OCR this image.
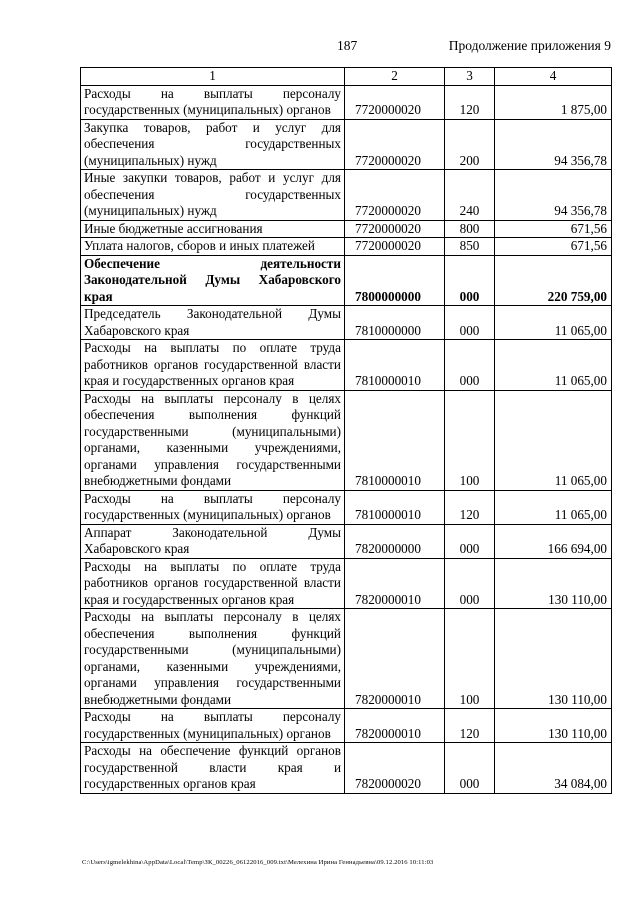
187	Продолжение приложения 9
1	2	3	4
Расходы на выплаты персоналу государственных (муниципальных) органов	7720000020	120	1 875,00
Закупка товаров, работ и услуг для обеспечения государственных (муниципальных) нужд	7720000020	200	94 356,78
Иные закупки товаров, работ и услуг для обеспечения государственных (муниципальных) нужд	7720000020	240	94 356,78
Иные бюджетные ассигнования	7720000020	800	671,56
Уплата налогов, сборов и иных платежей	7720000020	850	671,56
Обеспечение деятельности Законодательной Думы Хабаровского края	7800000000	000	220 759,00
Председатель Законодательной Думы Хабаровского края	7810000000	000	11 065,00
Расходы на выплаты по оплате труда работников органов государственной власти края и государственных органов края	7810000010	000	11 065,00
Расходы на выплаты персоналу в целях обеспечения выполнения функций государственными (муниципальными) органами, казенными учреждениями, органами управления государственными внебюджетными фондами	7810000010	100	11 065,00
Расходы на выплаты персоналу государственных (муниципальных) органов	7810000010	120	11 065,00
Аппарат Законодательной Думы Хабаровского края	7820000000	000	166 694,00
Расходы на выплаты по оплате труда работников органов государственной власти края и государственных органов края	7820000010	000	130 110,00
Расходы на выплаты персоналу в целях обеспечения выполнения функций государственными (муниципальными) органами, казенными учреждениями, органами управления государственными внебюджетными фондами	7820000010	100	130 110,00
Расходы на выплаты персоналу государственных (муниципальных) органов	7820000010	120	130 110,00
Расходы на обеспечение функций органов государственной власти края и государственных органов края	7820000020	000	34 084,00
C:\Users\igmelekhina\AppData\Local\Temp\ЗК_00226_06122016_009.txt\Мелехина Ирина Геннадьевна\09.12.2016 10:11:03
